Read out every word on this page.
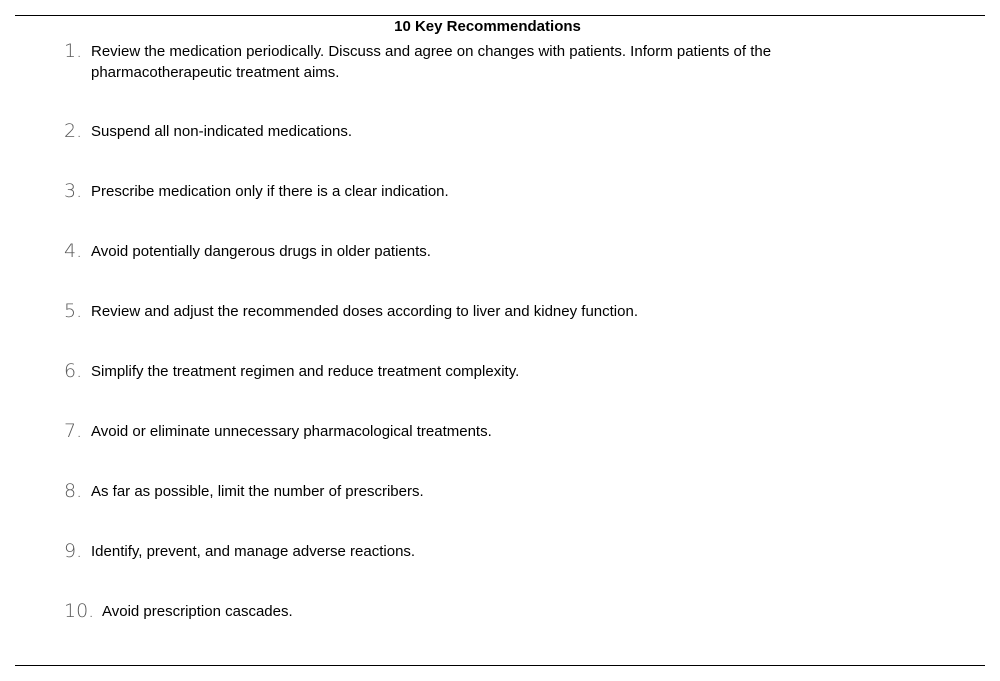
10 Key Recommendations
1. Review the medication periodically. Discuss and agree on changes with patients. Inform patients of the pharmacotherapeutic treatment aims.
2. Suspend all non-indicated medications.
3. Prescribe medication only if there is a clear indication.
4. Avoid potentially dangerous drugs in older patients.
5. Review and adjust the recommended doses according to liver and kidney function.
6. Simplify the treatment regimen and reduce treatment complexity.
7. Avoid or eliminate unnecessary pharmacological treatments.
8. As far as possible, limit the number of prescribers.
9. Identify, prevent, and manage adverse reactions.
10. Avoid prescription cascades.
